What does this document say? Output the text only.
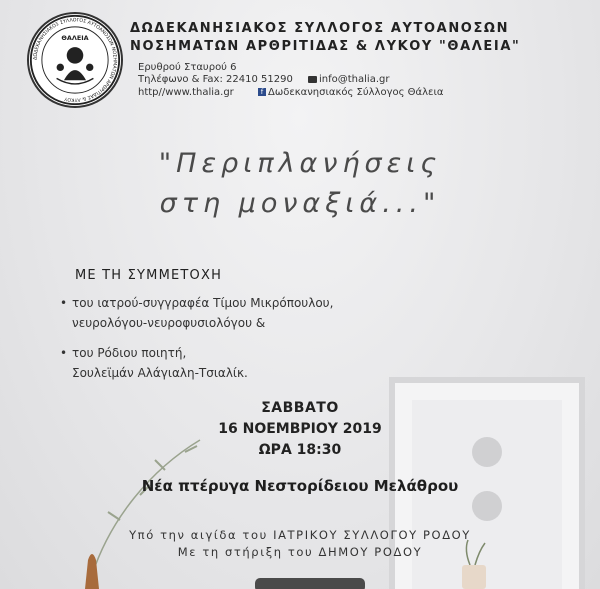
ΔΩΔΕΚΑΝΗΣΙΑΚΟΣ ΣΥΛΛΟΓΟΣ ΑΥΤΟΑΝΟΣΩΝ ΝΟΣΗΜΑΤΩΝ ΑΡΘΡΙΤΙΔΑΣ & ΛΥΚΟΥ
ΘΑΛΕΙΑ
ΔΩΔΕΚΑΝΗΣΙΑΚΟΣ ΣΥΛΛΟΓΟΣ ΑΥΤΟΑΝΟΣΩΝ
ΝΟΣΗΜΑΤΩΝ ΑΡΘΡΙΤΙΔΑΣ & ΛΥΚΟΥ "ΘΑΛΕΙΑ"
Ερυθρού Σταυρού 6
Τηλέφωνο & Fax: 22410 51290	info@thalia.gr
http//www.thalia.gr	f Δωδεκανησιακός Σύλλογος Θάλεια
"Περιπλανήσεις
στη μοναξιά..."
ΜΕ ΤΗ ΣΥΜΜΕΤΟΧΗ
• του ιατρού-συγγραφέα Τίμου Μικρόπουλου,
νευρολόγου-νευροφυσιολόγου &
• του Ρόδιου ποιητή,
Σουλεϊμάν Αλάγιαλη-Τσιαλίκ.
ΣΑΒΒΑΤΟ
16 ΝΟΕΜΒΡΙΟΥ 2019
ΩΡΑ 18:30
Νέα πτέρυγα Νεστορίδειου Μελάθρου
Υπό την αιγίδα του ΙΑΤΡΙΚΟΥ ΣΥΛΛΟΓΟΥ ΡΟΔΟΥ
Με τη στήριξη του ΔΗΜΟΥ ΡΟΔΟΥ
